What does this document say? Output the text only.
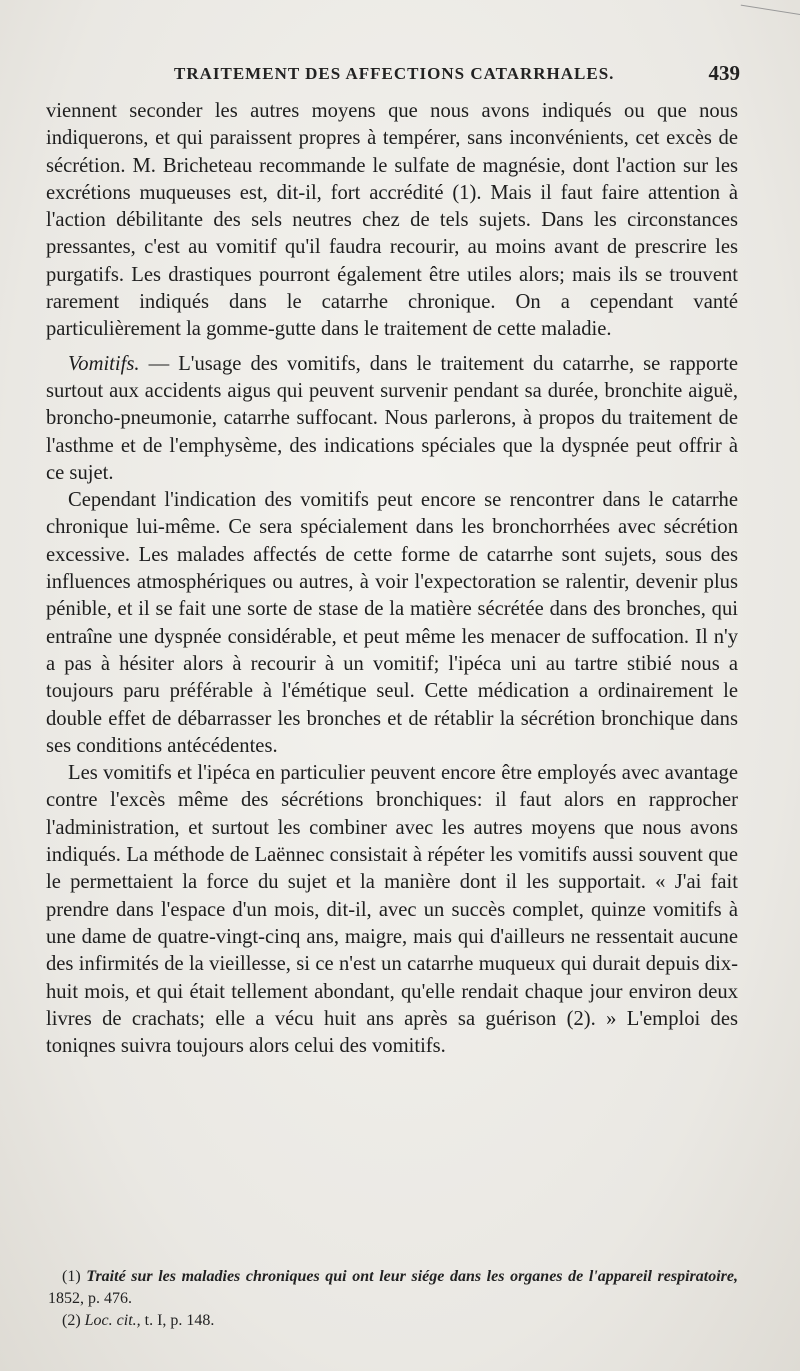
TRAITEMENT DES AFFECTIONS CATARRHALES.	439

viennent seconder les autres moyens que nous avons indiqués ou que nous indiquerons, et qui paraissent propres à tempérer, sans inconvénients, cet excès de sécrétion. M. Bricheteau recommande le sulfate de magnésie, dont l'action sur les excrétions muqueuses est, dit-il, fort accrédité (1). Mais il faut faire attention à l'action débilitante des sels neutres chez de tels sujets. Dans les circonstances pressantes, c'est au vomitif qu'il faudra recourir, au moins avant de prescrire les purgatifs. Les drastiques pourront également être utiles alors; mais ils se trouvent rarement indiqués dans le catarrhe chronique. On a cependant vanté particulièrement la gomme-gutte dans le traitement de cette maladie.

Vomitifs. — L'usage des vomitifs, dans le traitement du catarrhe, se rapporte surtout aux accidents aigus qui peuvent survenir pendant sa durée, bronchite aiguë, broncho-pneumonie, catarrhe suffocant. Nous parlerons, à propos du traitement de l'asthme et de l'emphysème, des indications spéciales que la dyspnée peut offrir à ce sujet.

Cependant l'indication des vomitifs peut encore se rencontrer dans le catarrhe chronique lui-même. Ce sera spécialement dans les bronchorrhées avec sécrétion excessive. Les malades affectés de cette forme de catarrhe sont sujets, sous des influences atmosphériques ou autres, à voir l'expectoration se ralentir, devenir plus pénible, et il se fait une sorte de stase de la matière sécrétée dans des bronches, qui entraîne une dyspnée considérable, et peut même les menacer de suffocation. Il n'y a pas à hésiter alors à recourir à un vomitif; l'ipéca uni au tartre stibié nous a toujours paru préférable à l'émétique seul. Cette médication a ordinairement le double effet de débarrasser les bronches et de rétablir la sécrétion bronchique dans ses conditions antécédentes.

Les vomitifs et l'ipéca en particulier peuvent encore être employés avec avantage contre l'excès même des sécrétions bronchiques: il faut alors en rapprocher l'administration, et surtout les combiner avec les autres moyens que nous avons indiqués. La méthode de Laënnec consistait à répéter les vomitifs aussi souvent que le permettaient la force du sujet et la manière dont il les supportait. « J'ai fait prendre dans l'espace d'un mois, dit-il, avec un succès complet, quinze vomitifs à une dame de quatre-vingt-cinq ans, maigre, mais qui d'ailleurs ne ressentait aucune des infirmités de la vieillesse, si ce n'est un catarrhe muqueux qui durait depuis dix-huit mois, et qui était tellement abondant, qu'elle rendait chaque jour environ deux livres de crachats; elle a vécu huit ans après sa guérison (2). » L'emploi des toniqnes suivra toujours alors celui des vomitifs.

(1) Traité sur les maladies chroniques qui ont leur siége dans les organes de l'appareil respiratoire, 1852, p. 476.

(2) Loc. cit., t. I, p. 148.
